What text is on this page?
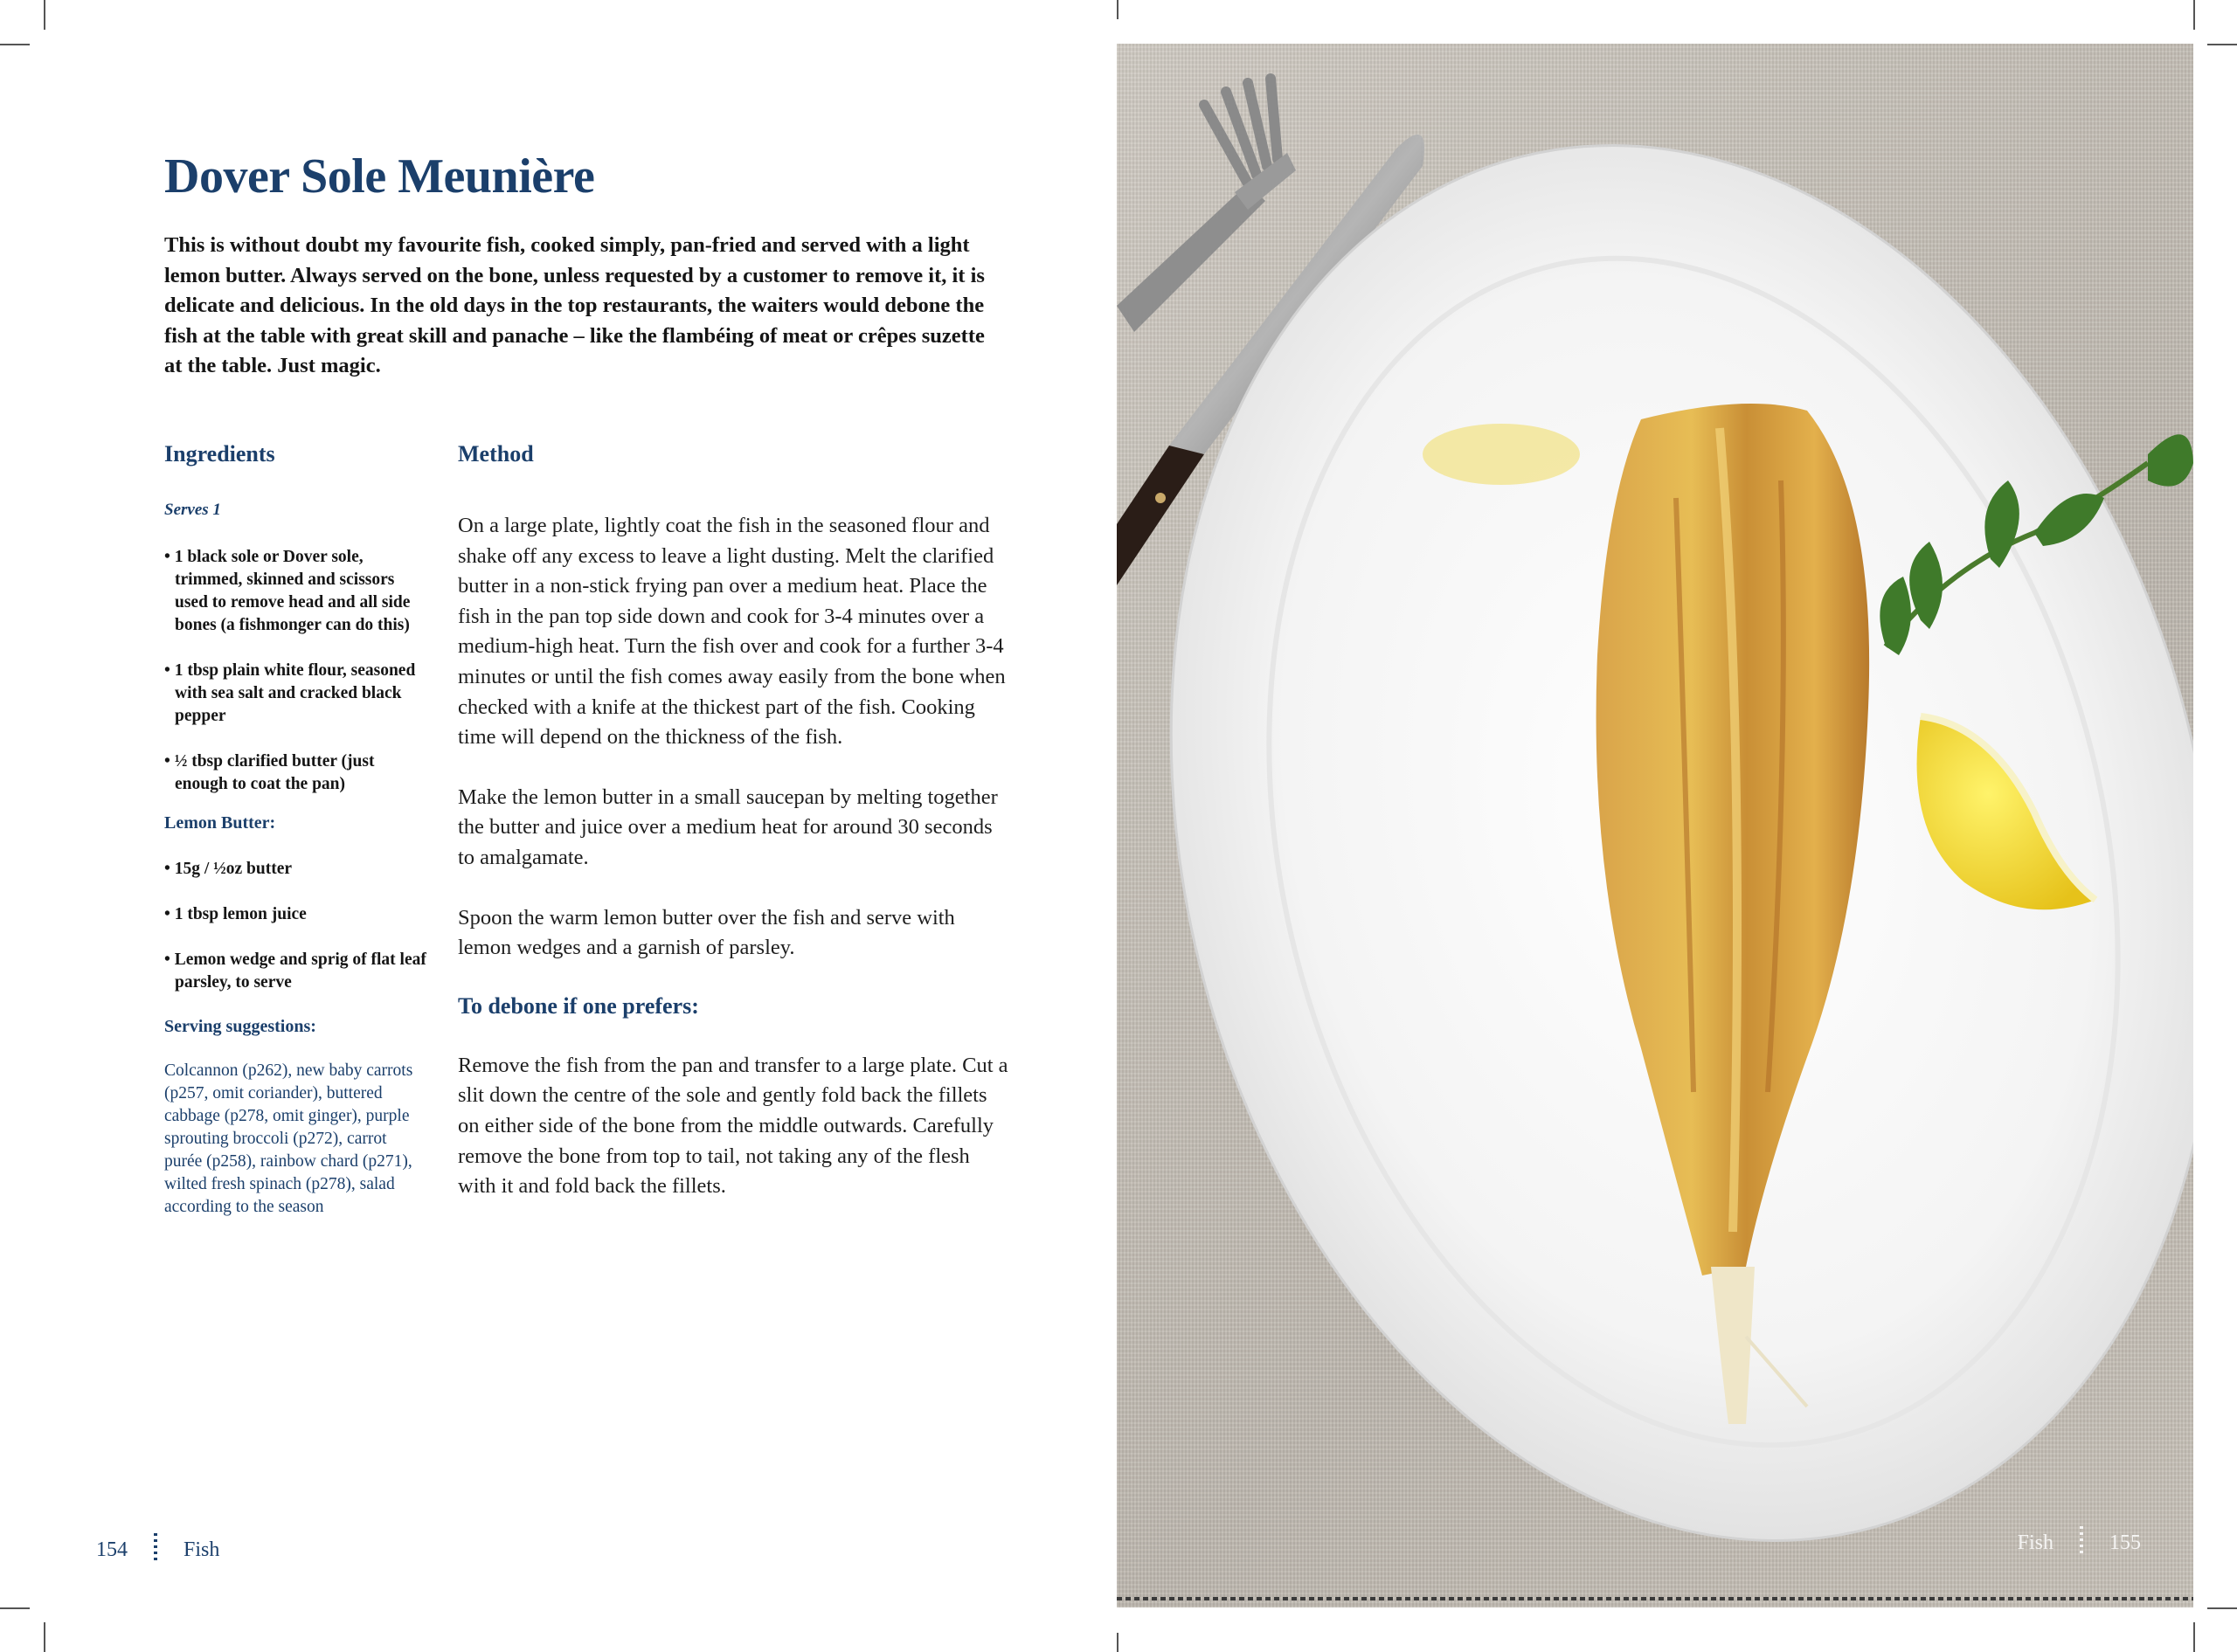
Dover Sole Meunière

This is without doubt my favourite fish, cooked simply, pan-fried and served with a light lemon butter. Always served on the bone, unless requested by a customer to remove it, it is delicate and delicious. In the old days in the top restaurants, the waiters would debone the fish at the table with great skill and panache – like the flambéing of meat or crêpes suzette at the table. Just magic.

Ingredients

Serves 1

• 1 black sole or Dover sole, trimmed, skinned and scissors used to remove head and all side bones (a fishmonger can do this)

• 1 tbsp plain white flour, seasoned with sea salt and cracked black pepper

• ½ tbsp clarified butter (just enough to coat the pan)

Lemon Butter:

• 15g / ½oz butter

• 1 tbsp lemon juice

• Lemon wedge and sprig of flat leaf parsley, to serve

Serving suggestions:

Colcannon (p262), new baby carrots (p257, omit coriander), buttered cabbage (p278, omit ginger), purple sprouting broccoli (p272), carrot purée (p258), rainbow chard (p271), wilted fresh spinach (p278), salad according to the season

Method

On a large plate, lightly coat the fish in the seasoned flour and shake off any excess to leave a light dusting. Melt the clarified butter in a non-stick frying pan over a medium heat. Place the fish in the pan top side down and cook for 3-4 minutes over a medium-high heat. Turn the fish over and cook for a further 3-4 minutes or until the fish comes away easily from the bone when checked with a knife at the thickest part of the fish. Cooking time will depend on the thickness of the fish.

Make the lemon butter in a small saucepan by melting together the butter and juice over a medium heat for around 30 seconds to amalgamate.

Spoon the warm lemon butter over the fish and serve with lemon wedges and a garnish of parsley.

To debone if one prefers:

Remove the fish from the pan and transfer to a large plate. Cut a slit down the centre of the sole and gently fold back the fillets on either side of the bone from the middle outwards. Carefully remove the bone from top to tail, not taking any of the flesh with it and fold back the fillets.

154	Fish	Fish	155
